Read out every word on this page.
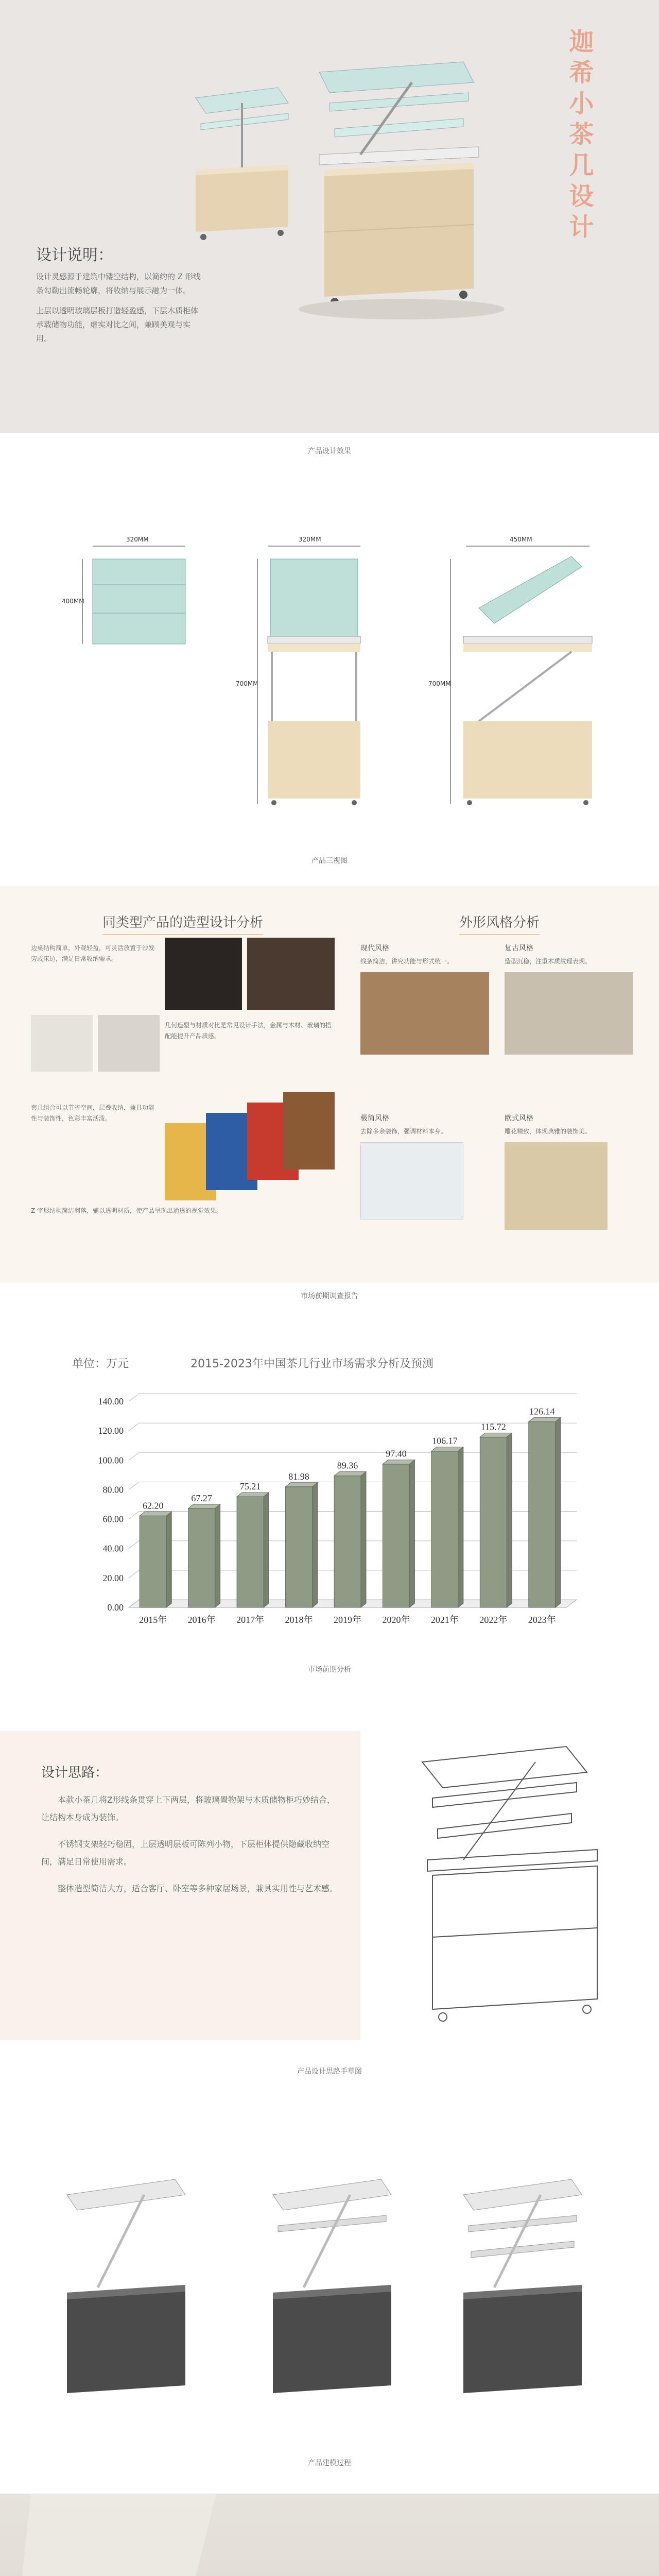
迦希小茶几设计
设计说明：

设计灵感源于建筑中镂空结构，以简约的 Z 形线条勾勒出流畅轮廓，将收纳与展示融为一体。

上层以透明玻璃层板打造轻盈感，下层木质柜体承载储物功能，虚实对比之间，兼顾美观与实用。

产品设计效果
320MM
400MM
320MM
700MM
450MM
700MM
产品三视图
同类型产品的造型设计分析
边桌结构简单，外观轻盈，可灵活放置于沙发旁或床边，满足日常收纳需求。
几何造型与材质对比是常见设计手法，金属与木材、玻璃的搭配能提升产品质感。
套几组合可以节省空间，层叠收纳，兼具功能性与装饰性，色彩丰富活泼。
Z 字形结构简洁利落，辅以透明材质，使产品呈现出通透的视觉效果。
外形风格分析
现代风格
线条简洁，讲究功能与形式统一。
复古风格
造型沉稳，注重木质纹理表现。
极简风格
去除多余装饰，强调材料本身。
欧式风格
雕花精致，体现典雅的装饰美。
市场前期调查报告
单位：万元	2015-2023年中国茶几行业市场需求分析及预测
0.00
20.00
40.00
60.00
80.00
100.00
120.00
140.00
62.20
2015年
67.27
2016年
75.21
2017年
81.98
2018年
89.36
2019年
97.40
2020年
106.17
2021年
115.72
2022年
126.14
2023年
市场前期分析
设计思路：

本款小茶几将Z形线条贯穿上下两层，将玻璃置物架与木质储物柜巧妙结合，让结构本身成为装饰。

不锈钢支架轻巧稳固，上层透明层板可陈列小物，下层柜体提供隐藏收纳空间，满足日常使用需求。

整体造型简洁大方，适合客厅、卧室等多种家居场景，兼具实用性与艺术感。

产品设计思路手草图
产品建模过程
